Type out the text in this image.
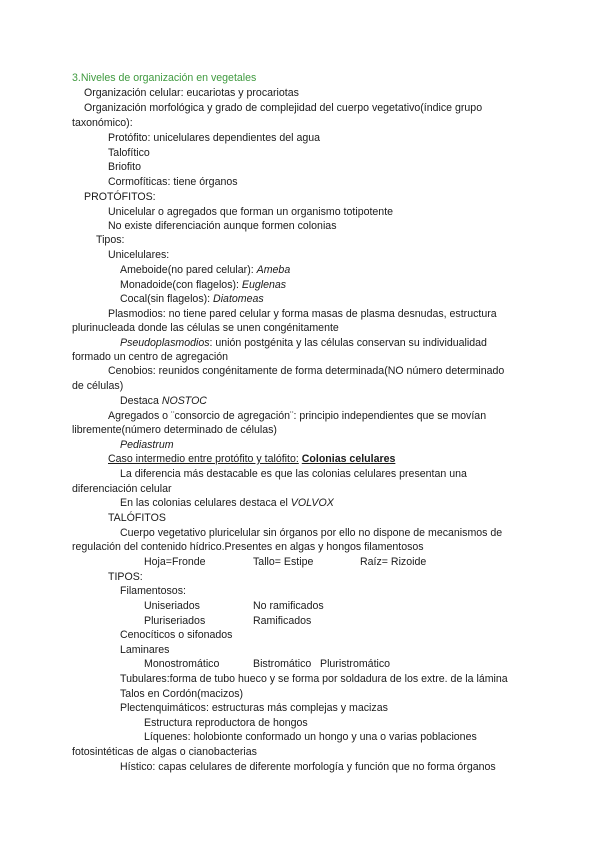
3.Niveles de organización en vegetales
Organización celular: eucariotas y procariotas
Organización morfológica y grado de complejidad del cuerpo vegetativo(índice grupo
taxonómico):
Protófito: unicelulares dependientes del agua
Talofítico
Briofito
Cormofíticas: tiene órganos
PROTÓFITOS:
Unicelular o agregados que forman un organismo totipotente
No existe diferenciación aunque formen colonias
Tipos:
Unicelulares:
Ameboide(no pared celular): Ameba
Monadoide(con flagelos): Euglenas
Cocal(sin flagelos): Diatomeas
Plasmodios: no tiene pared celular y forma masas de plasma desnudas, estructura
plurinucleada donde las células se unen congénitamente
Pseudoplasmodios: unión postgénita y las células conservan su individualidad
formado un centro de agregación
Cenobios: reunidos congénitamente de forma determinada(NO número determinado
de células)
Destaca NOSTOC
Agregados o ¨consorcio de agregación¨: principio independientes que se movían
libremente(número determinado de células)
Pediastrum
Caso intermedio entre protófito y talófito: Colonias celulares
La diferencia más destacable es que las colonias celulares presentan una
diferenciación celular
En las colonias celulares destaca el VOLVOX
TALÓFITOS
Cuerpo vegetativo pluricelular sin órganos por ello no dispone de mecanismos de
regulación del contenido hídrico.Presentes en algas y hongos filamentosos
Hoja=Fronde	Tallo= Estipe	Raíz= Rizoide
TIPOS:
Filamentosos:
Uniseriados	No ramificados
Pluriseriados	Ramificados
Cenocíticos o sifonados
Laminares
Monostromático	Bistromático Pluristromático
Tubulares:forma de tubo hueco y se forma por soldadura de los extre. de la lámina
Talos en Cordón(macizos)
Plectenquimáticos: estructuras más complejas y macizas
Estructura reproductora de hongos
Líquenes: holobionte conformado un hongo y una o varias poblaciones
fotosintéticas de algas o cianobacterias
Hístico: capas celulares de diferente morfología y función que no forma órganos
